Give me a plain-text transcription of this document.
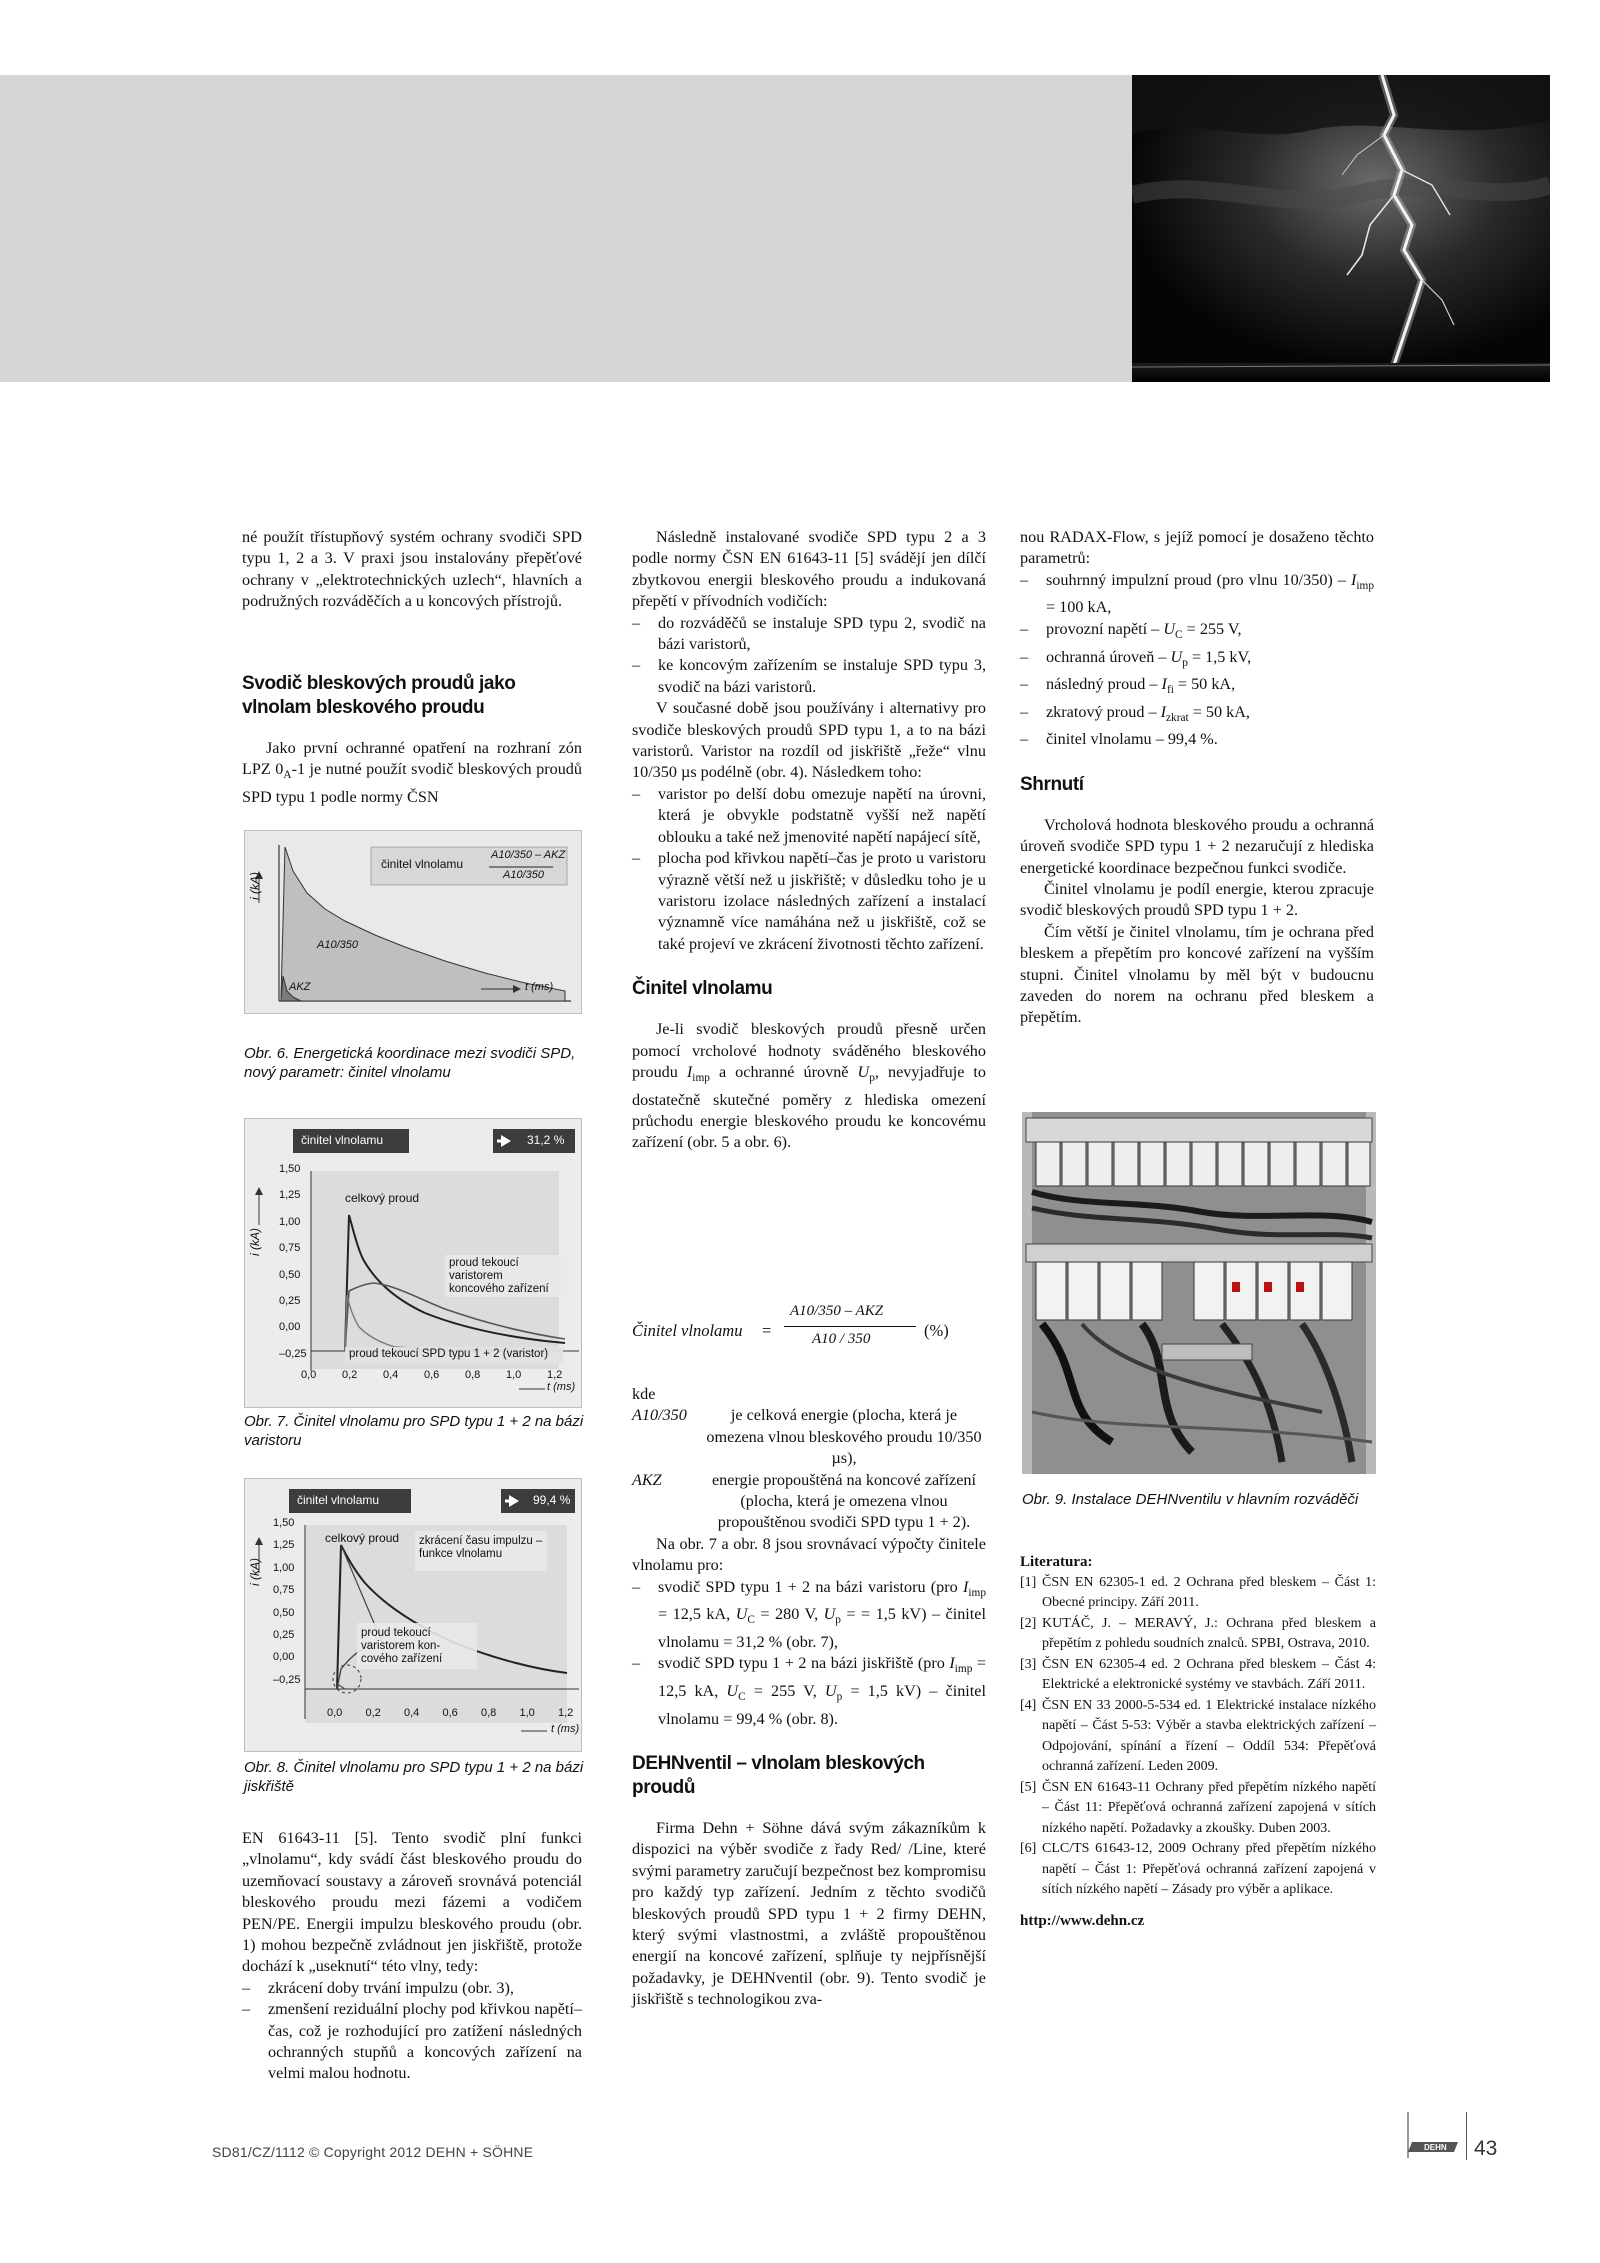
né použít třístupňový systém ochrany svodiči SPD typu 1, 2 a 3. V praxi jsou instalovány přepěťové ochrany v „elektrotechnických uzlech“, hlavních a podružných rozváděčích a u koncových přístrojů.

Svodič bleskových proudů jako vlnolam bleskového proudu

Jako první ochranné opatření na rozhraní zón LPZ $0_A-1$ je nutné použít svodič bleskových proudů SPD typu 1 podle normy ČSN

i (kA)
činitel vlnolamu
A10/350 – AKZ
A10/350
A10/350
AKZ	t (ms)
Obr. 6. Energetická koordinace mezi svodiči SPD, nový parametr: činitel vlnolamu
činitel vlnolamu	31,2 %
i (kA)
1,50
1,25
1,00
0,75
0,50
0,25
0,00
–0,25
0,0 0,2 0,4 0,6 0,8 1,0 1,2
celkový proud
proud tekoucí
varistorem
koncového zařízení
proud tekoucí SPD typu 1 + 2 (varistor)
t (ms)
Obr. 7. Činitel vlnolamu pro SPD typu 1 + 2 na bázi varistoru
činitel vlnolamu	99,4 %
i (kA)
1,50
1,25
1,00
0,75
0,50
0,25
0,00
–0,25
0,0 0,2 0,4 0,6 0,8 1,0 1,2
celkový proud zkrácení času impulzu –
funkce vlnolamu
proud tekoucí
varistorem kon-
cového zařízení
t (ms)
Obr. 8. Činitel vlnolamu pro SPD typu 1 + 2 na bázi jiskřiště

EN 61643-11 [5]. Tento svodič plní funkci „vlnolamu“, kdy svádí část bleskového proudu do uzemňovací soustavy a zároveň srovnává potenciál bleskového proudu mezi fázemi a vodičem PEN/PE. Energii impulzu bleskového proudu (obr. 1) mohou bezpečně zvládnout jen jiskřiště, protože dochází k „useknutí“ této vlny, tedy:

– zkrácení doby trvání impulzu (obr. 3),
– zmenšení reziduální plochy pod křivkou napětí–čas, což je rozhodující pro zatížení následných ochranných stupňů a koncových zařízení na velmi malou hodnotu.

Následně instalované svodiče SPD typu 2 a 3 podle normy ČSN EN 61643-11 [5] svádějí jen dílčí zbytkovou energii bleskového proudu a indukovaná přepětí v přívodních vodičích:

– do rozváděčů se instaluje SPD typu 2, svodič na bázi varistorů,
– ke koncovým zařízením se instaluje SPD typu 3, svodič na bázi varistorů.

V současné době jsou používány i alternativy pro svodiče bleskových proudů SPD typu 1, a to na bázi varistorů. Varistor na rozdíl od jiskřiště „řeže“ vlnu 10/350 µs podélně (obr. 4). Následkem toho:

– varistor po delší dobu omezuje napětí na úrovni, která je obvykle podstatně vyšší než napětí oblouku a také než jmenovité napětí napájecí sítě,
– plocha pod křivkou napětí–čas je proto u varistoru výrazně větší než u jiskřiště; v důsledku toho je u varistoru izolace následných zařízení a instalací významně více namáhána než u jiskřiště, což se také projeví ve zkrácení životnosti těchto zařízení.
Činitel vlnolamu

Je-li svodič bleskových proudů přesně určen pomocí vrcholové hodnoty sváděného bleskového proudu $I_{imp}$ a ochranné úrovně $U_p$, nevyjadřuje to dostatečně skutečné poměry z hlediska omezení průchodu energie bleskového proudu ke koncovému zařízení (obr. 5 a obr. 6).

Činitel vlnolamu =
A10/350 – AKZ
A10 / 350	(%)

kde

A10/350	je celková energie (plocha, která je omezena vlnou bleskového proudu 10/350 µs),
AKZ	energie propouštěná na koncové zařízení (plocha, která je omezena vlnou propouštěnou svodiči SPD typu 1 + 2).

Na obr. 7 a obr. 8 jsou srovnávací výpočty činitele vlnolamu pro:

– svodič SPD typu 1 + 2 na bázi varistoru (pro $I_{imp} = 12,5$ kA, $U_C = 280$ V, $U_p$ = = 1,5 kV) – činitel vlnolamu = 31,2 % (obr. 7),
– svodič SPD typu 1 + 2 na bázi jiskřiště (pro $I_{imp} = 12,5$ kA, $U_C = 255$ V, $U_p = 1,5$ kV) – činitel vlnolamu = 99,4 % (obr. 8).
DEHNventil – vlnolam bleskových proudů

Firma Dehn + Söhne dává svým zákazníkům k dispozici na výběr svodiče z řady Red/ /Line, které svými parametry zaručují bezpečnost bez kompromisu pro každý typ zařízení. Jedním z těchto svodičů bleskových proudů SPD typu 1 + 2 firmy DEHN, který svými vlastnostmi, a zvláště propouštěnou energií na koncové zařízení, splňuje ty nejpřísnější požadavky, je DEHNventil (obr. 9). Tento svodič je jiskřiště s technologikou zva-

nou RADAX-Flow, s jejíž pomocí je dosaženo těchto parametrů:

– souhrnný impulzní proud (pro vlnu $10/350) - I_{imp} = 100$ kA,
– provozní napětí – $U_C = 255$ V,
– ochranná úroveň – $U_p = 1,5$ kV,
– následný proud – $I_{fi} = 50$ kA,
– zkratový proud – $I_{zkrat} = 50$ kA,
– činitel vlnolamu – 99,4 %.
Shrnutí

Vrcholová hodnota bleskového proudu a ochranná úroveň svodiče SPD typu 1 + 2 nezaručují z hlediska energetické koordinace bezpečnou funkci svodiče.

Činitel vlnolamu je podíl energie, kterou zpracuje svodič bleskových proudů SPD typu 1 + 2.

Čím větší je činitel vlnolamu, tím je ochrana před bleskem a přepětím pro koncové zařízení na vyšším stupni. Činitel vlnolamu by měl být v budoucnu zaveden do norem na ochranu před bleskem a přepětím.

Obr. 9. Instalace DEHNventilu v hlavním rozváděči
Literatura:
[1] ČSN EN 62305-1 ed. 2 Ochrana před bleskem – Část 1: Obecné principy. Září 2011.
[2] KUTÁČ, J. – MERAVÝ, J.: Ochrana před bleskem a přepětím z pohledu soudních znalců. SPBI, Ostrava, 2010.
[3] ČSN EN 62305-4 ed. 2 Ochrana před bleskem – Část 4: Elektrické a elektronické systémy ve stavbách. Září 2011.
[4] ČSN EN 33 2000-5-534 ed. 1 Elektrické instalace nízkého napětí – Část 5-53: Výběr a stavba elektrických zařízení – Odpojování, spínání a řízení – Oddíl 534: Přepěťová ochranná zařízení. Leden 2009.
[5] ČSN EN 61643-11 Ochrany před přepětím nízkého napětí – Část 11: Přepěťová ochranná zařízení zapojená v sítích nízkého napětí. Požadavky a zkoušky. Duben 2003.
[6] CLC/TS 61643-12, 2009 Ochrany před přepětím nízkého napětí – Část 1: Přepěťová ochranná zařízení zapojená v sítích nízkého napětí – Zásady pro výběr a aplikace.
http://www.dehn.cz
SD81/CZ/1112 © Copyright 2012 DEHN + SÖHNE	DEHN 43
